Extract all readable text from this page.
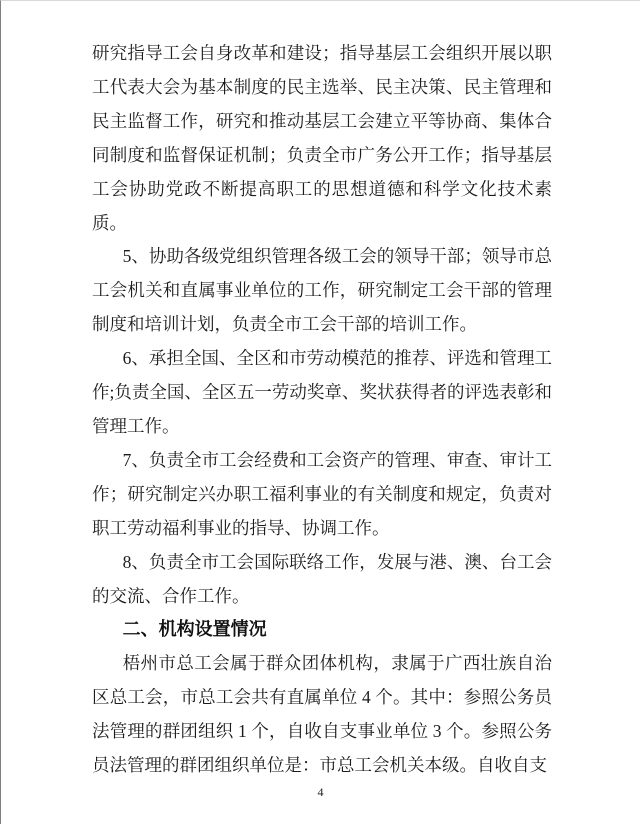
研究指导工会自身改革和建设；指导基层工会组织开展以职工代表大会为基本制度的民主选举、民主决策、民主管理和民主监督工作，研究和推动基层工会建立平等协商、集体合同制度和监督保证机制；负责全市广务公开工作；指导基层工会协助党政不断提高职工的思想道德和科学文化技术素质。

5、协助各级党组织管理各级工会的领导干部；领导市总工会机关和直属事业单位的工作，研究制定工会干部的管理制度和培训计划，负责全市工会干部的培训工作。

6、承担全国、全区和市劳动模范的推荐、评选和管理工作;负责全国、全区五一劳动奖章、奖状获得者的评选表彰和管理工作。

7、负责全市工会经费和工会资产的管理、审查、审计工作；研究制定兴办职工福利事业的有关制度和规定，负责对职工劳动福利事业的指导、协调工作。

8、负责全市工会国际联络工作，发展与港、澳、台工会的交流、合作工作。

二、机构设置情况

梧州市总工会属于群众团体机构，隶属于广西壮族自治区总工会，市总工会共有直属单位 4 个。其中：参照公务员法管理的群团组织 1 个，自收自支事业单位 3 个。参照公务员法管理的群团组织单位是：市总工会机关本级。自收自支

4
